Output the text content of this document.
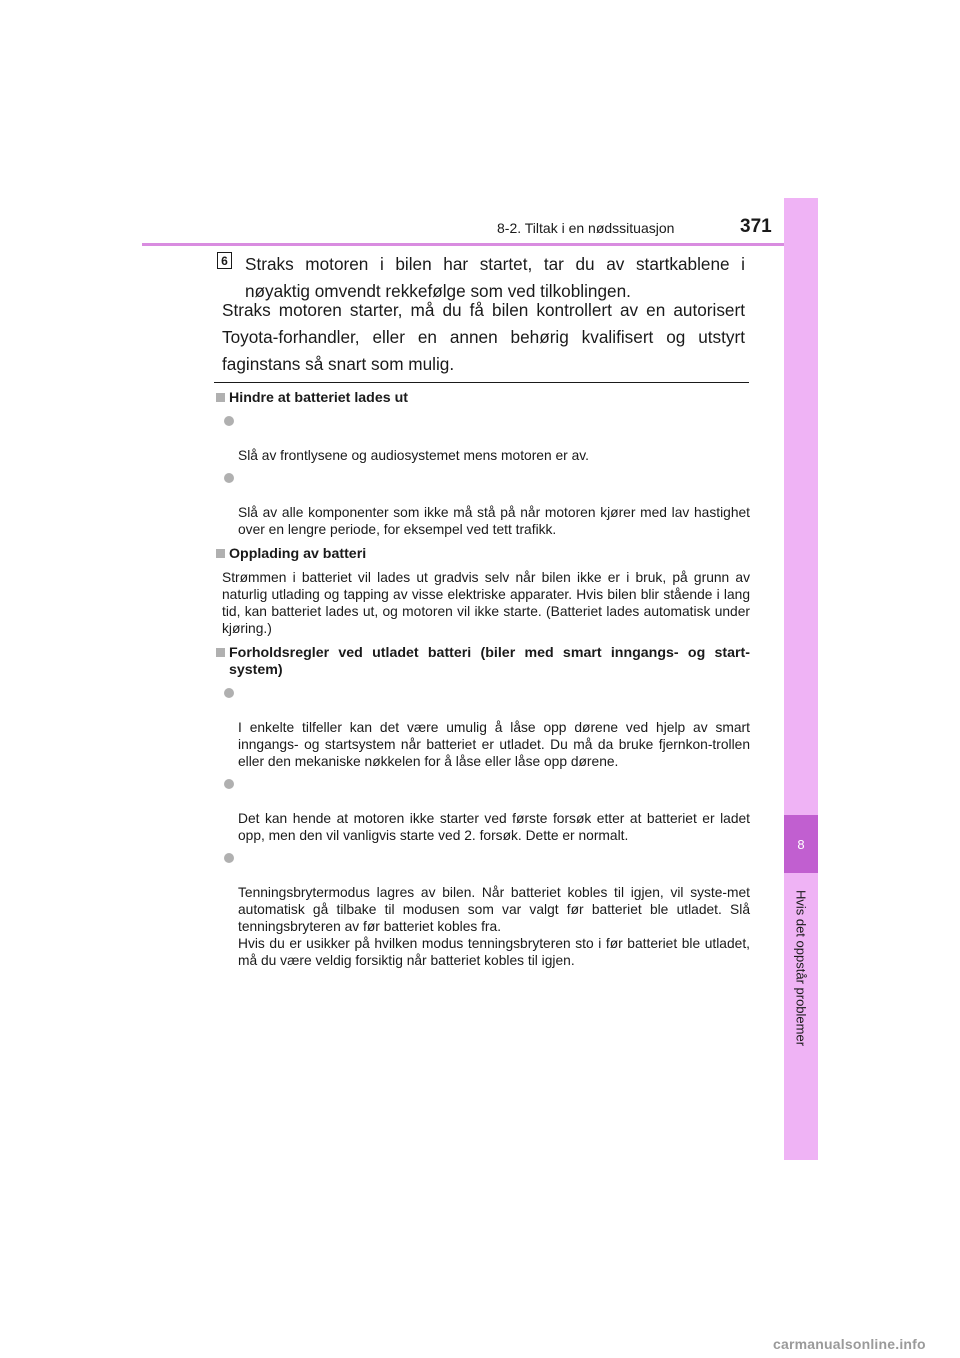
8-2. Tiltak i en nødssituasjon	371
8
Hvis det oppstår problemer
6 Straks motoren i bilen har startet, tar du av startkablene i nøyaktig omvendt rekkefølge som ved tilkoblingen.
Straks motoren starter, må du få bilen kontrollert av en autorisert Toyota-forhandler, eller en annen behørig kvalifisert og utstyrt faginstans så snart som mulig.
Hindre at batteriet lades ut

Slå av frontlysene og audiosystemet mens motoren er av.

Slå av alle komponenter som ikke må stå på når motoren kjører med lav hastighet over en lengre periode, for eksempel ved tett trafikk.

Opplading av batteri
Strømmen i batteriet vil lades ut gradvis selv når bilen ikke er i bruk, på grunn av naturlig utlading og tapping av visse elektriske apparater. Hvis bilen blir stående i lang tid, kan batteriet lades ut, og motoren vil ikke starte. (Batteriet lades automatisk under kjøring.)
Forholdsregler ved utladet batteri (biler med smart inngangs- og start-system)

I enkelte tilfeller kan det være umulig å låse opp dørene ved hjelp av smart inngangs- og startsystem når batteriet er utladet. Du må da bruke fjernkon-trollen eller den mekaniske nøkkelen for å låse eller låse opp dørene.

Det kan hende at motoren ikke starter ved første forsøk etter at batteriet er ladet opp, men den vil vanligvis starte ved 2. forsøk. Dette er normalt.

Tenningsbrytermodus lagres av bilen. Når batteriet kobles til igjen, vil syste-met automatisk gå tilbake til modusen som var valgt før batteriet ble utladet. Slå tenningsbryteren av før batteriet kobles fra.
Hvis du er usikker på hvilken modus tenningsbryteren sto i før batteriet ble utladet, må du være veldig forsiktig når batteriet kobles til igjen.

carmanualsonline.info
